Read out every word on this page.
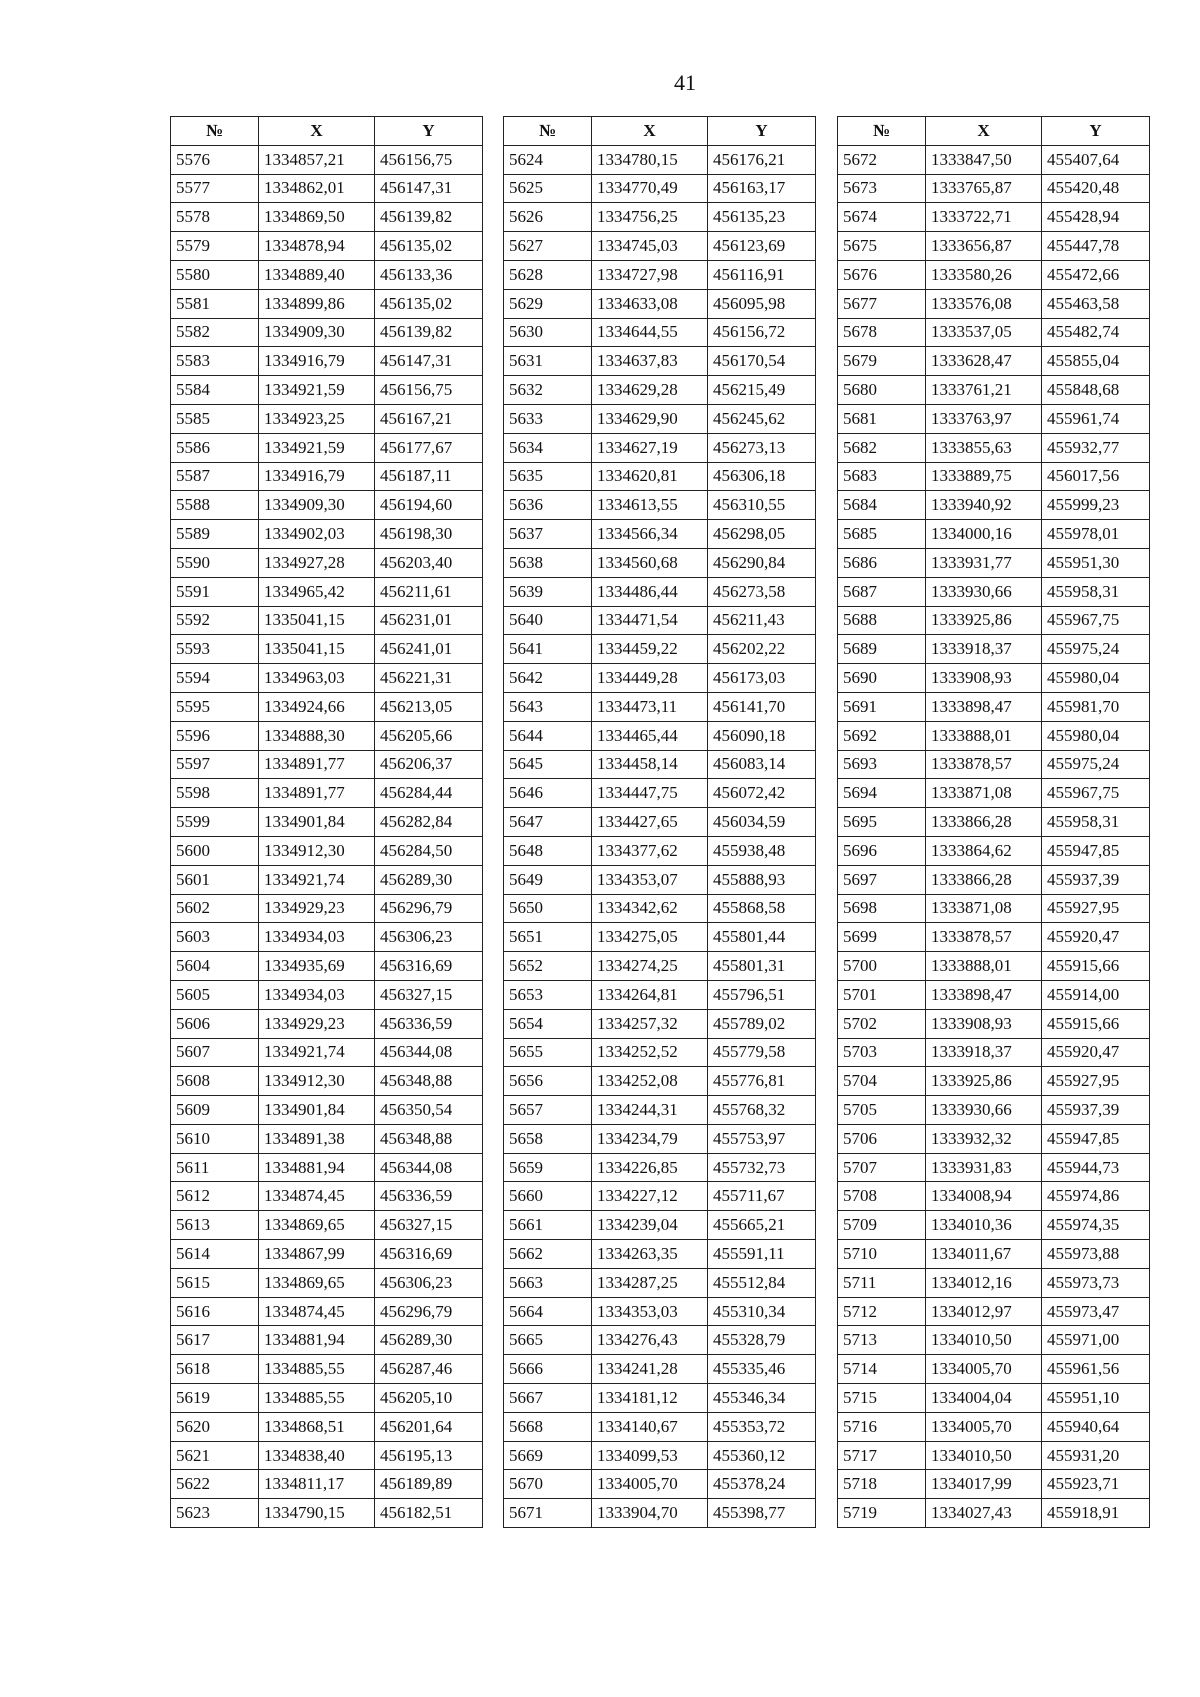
41
№	X	Y
5576	1334857,21	456156,75
5577	1334862,01	456147,31
5578	1334869,50	456139,82
5579	1334878,94	456135,02
5580	1334889,40	456133,36
5581	1334899,86	456135,02
5582	1334909,30	456139,82
5583	1334916,79	456147,31
5584	1334921,59	456156,75
5585	1334923,25	456167,21
5586	1334921,59	456177,67
5587	1334916,79	456187,11
5588	1334909,30	456194,60
5589	1334902,03	456198,30
5590	1334927,28	456203,40
5591	1334965,42	456211,61
5592	1335041,15	456231,01
5593	1335041,15	456241,01
5594	1334963,03	456221,31
5595	1334924,66	456213,05
5596	1334888,30	456205,66
5597	1334891,77	456206,37
5598	1334891,77	456284,44
5599	1334901,84	456282,84
5600	1334912,30	456284,50
5601	1334921,74	456289,30
5602	1334929,23	456296,79
5603	1334934,03	456306,23
5604	1334935,69	456316,69
5605	1334934,03	456327,15
5606	1334929,23	456336,59
5607	1334921,74	456344,08
5608	1334912,30	456348,88
5609	1334901,84	456350,54
5610	1334891,38	456348,88
5611	1334881,94	456344,08
5612	1334874,45	456336,59
5613	1334869,65	456327,15
5614	1334867,99	456316,69
5615	1334869,65	456306,23
5616	1334874,45	456296,79
5617	1334881,94	456289,30
5618	1334885,55	456287,46
5619	1334885,55	456205,10
5620	1334868,51	456201,64
5621	1334838,40	456195,13
5622	1334811,17	456189,89
5623	1334790,15	456182,51
№	X	Y
5624	1334780,15	456176,21
5625	1334770,49	456163,17
5626	1334756,25	456135,23
5627	1334745,03	456123,69
5628	1334727,98	456116,91
5629	1334633,08	456095,98
5630	1334644,55	456156,72
5631	1334637,83	456170,54
5632	1334629,28	456215,49
5633	1334629,90	456245,62
5634	1334627,19	456273,13
5635	1334620,81	456306,18
5636	1334613,55	456310,55
5637	1334566,34	456298,05
5638	1334560,68	456290,84
5639	1334486,44	456273,58
5640	1334471,54	456211,43
5641	1334459,22	456202,22
5642	1334449,28	456173,03
5643	1334473,11	456141,70
5644	1334465,44	456090,18
5645	1334458,14	456083,14
5646	1334447,75	456072,42
5647	1334427,65	456034,59
5648	1334377,62	455938,48
5649	1334353,07	455888,93
5650	1334342,62	455868,58
5651	1334275,05	455801,44
5652	1334274,25	455801,31
5653	1334264,81	455796,51
5654	1334257,32	455789,02
5655	1334252,52	455779,58
5656	1334252,08	455776,81
5657	1334244,31	455768,32
5658	1334234,79	455753,97
5659	1334226,85	455732,73
5660	1334227,12	455711,67
5661	1334239,04	455665,21
5662	1334263,35	455591,11
5663	1334287,25	455512,84
5664	1334353,03	455310,34
5665	1334276,43	455328,79
5666	1334241,28	455335,46
5667	1334181,12	455346,34
5668	1334140,67	455353,72
5669	1334099,53	455360,12
5670	1334005,70	455378,24
5671	1333904,70	455398,77
№	X	Y
5672	1333847,50	455407,64
5673	1333765,87	455420,48
5674	1333722,71	455428,94
5675	1333656,87	455447,78
5676	1333580,26	455472,66
5677	1333576,08	455463,58
5678	1333537,05	455482,74
5679	1333628,47	455855,04
5680	1333761,21	455848,68
5681	1333763,97	455961,74
5682	1333855,63	455932,77
5683	1333889,75	456017,56
5684	1333940,92	455999,23
5685	1334000,16	455978,01
5686	1333931,77	455951,30
5687	1333930,66	455958,31
5688	1333925,86	455967,75
5689	1333918,37	455975,24
5690	1333908,93	455980,04
5691	1333898,47	455981,70
5692	1333888,01	455980,04
5693	1333878,57	455975,24
5694	1333871,08	455967,75
5695	1333866,28	455958,31
5696	1333864,62	455947,85
5697	1333866,28	455937,39
5698	1333871,08	455927,95
5699	1333878,57	455920,47
5700	1333888,01	455915,66
5701	1333898,47	455914,00
5702	1333908,93	455915,66
5703	1333918,37	455920,47
5704	1333925,86	455927,95
5705	1333930,66	455937,39
5706	1333932,32	455947,85
5707	1333931,83	455944,73
5708	1334008,94	455974,86
5709	1334010,36	455974,35
5710	1334011,67	455973,88
5711	1334012,16	455973,73
5712	1334012,97	455973,47
5713	1334010,50	455971,00
5714	1334005,70	455961,56
5715	1334004,04	455951,10
5716	1334005,70	455940,64
5717	1334010,50	455931,20
5718	1334017,99	455923,71
5719	1334027,43	455918,91
